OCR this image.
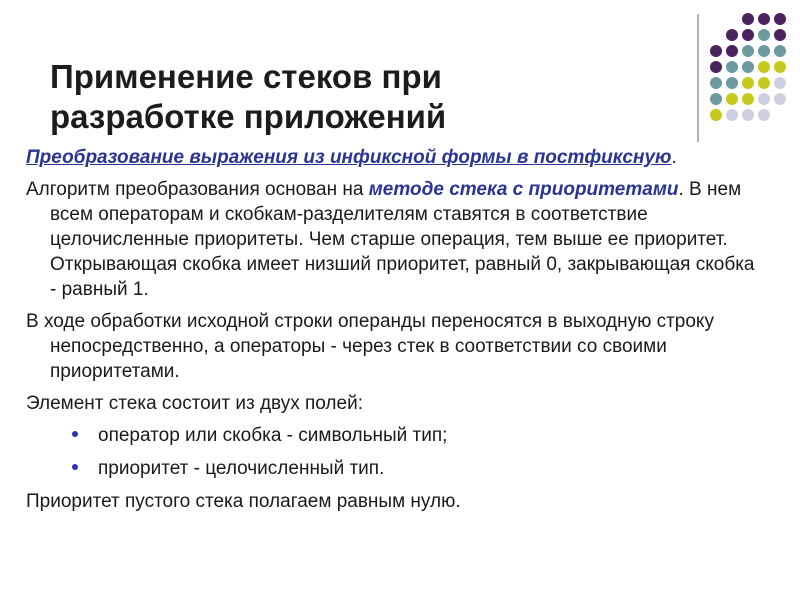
Применение стеков при
разработке приложений

Преобразование выражения из инфиксной формы в постфиксную.

Алгоритм преобразования основан на методе стека с приоритетами. В нем всем операторам и скобкам-разделителям ставятся в соответствие целочисленные приоритеты. Чем старше операция, тем выше ее приоритет. Открывающая скобка имеет низший приоритет, равный 0, закрывающая скобка - равный 1.

В ходе обработки исходной строки операнды переносятся в выходную строку непосредственно, а операторы - через стек в соответствии со своими приоритетами.

Элемент стека состоит из двух полей:

оператор или скобка - символьный тип;
приоритет - целочисленный тип.

Приоритет пустого стека полагаем равным нулю.
